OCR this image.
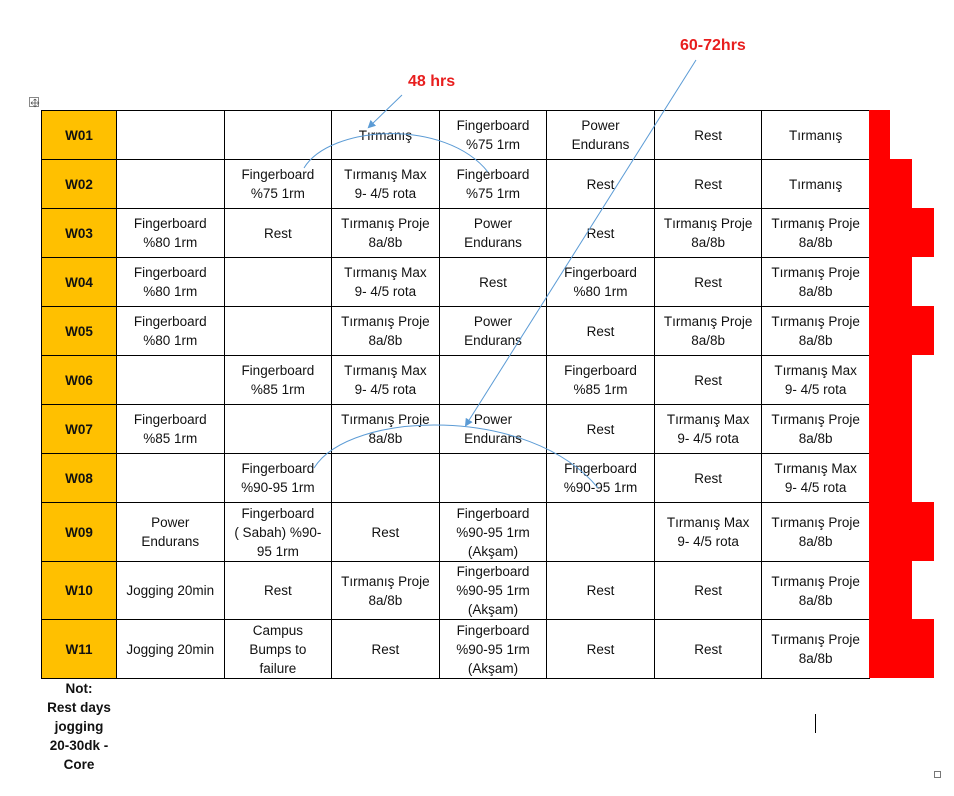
W01			Tırmanış	Fingerboard
%75 1rm	Power
Endurans	Rest	Tırmanış
W02		Fingerboard
%75 1rm	Tırmanış Max
9- 4/5 rota	Fingerboard
%75 1rm	Rest	Rest	Tırmanış
W03	Fingerboard
%80 1rm	Rest	Tırmanış Proje
8a/8b	Power
Endurans	Rest	Tırmanış Proje
8a/8b	Tırmanış Proje
8a/8b
W04	Fingerboard
%80 1rm		Tırmanış Max
9- 4/5 rota	Rest	Fingerboard
%80 1rm	Rest	Tırmanış Proje
8a/8b
W05	Fingerboard
%80 1rm		Tırmanış Proje
8a/8b	Power
Endurans	Rest	Tırmanış Proje
8a/8b	Tırmanış Proje
8a/8b
W06		Fingerboard
%85 1rm	Tırmanış Max
9- 4/5 rota		Fingerboard
%85 1rm	Rest	Tırmanış Max
9- 4/5 rota
W07	Fingerboard
%85 1rm		Tırmanış Proje
8a/8b	Power
Endurans	Rest	Tırmanış Max
9- 4/5 rota	Tırmanış Proje
8a/8b
W08		Fingerboard
%90-95 1rm			Fingerboard
%90-95 1rm	Rest	Tırmanış Max
9- 4/5 rota
W09	Power
Endurans	Fingerboard
( Sabah) %90-
95 1rm	Rest	Fingerboard
%90-95 1rm
(Akşam)		Tırmanış Max
9- 4/5 rota	Tırmanış Proje
8a/8b
W10	Jogging 20min	Rest	Tırmanış Proje
8a/8b	Fingerboard
%90-95 1rm
(Akşam)	Rest	Rest	Tırmanış Proje
8a/8b
W11	Jogging 20min	Campus
Bumps to
failure	Rest	Fingerboard
%90-95 1rm
(Akşam)	Rest	Rest	Tırmanış Proje
8a/8b
Not:
Rest days
jogging
20-30dk -
Core
48 hrs
60-72hrs
